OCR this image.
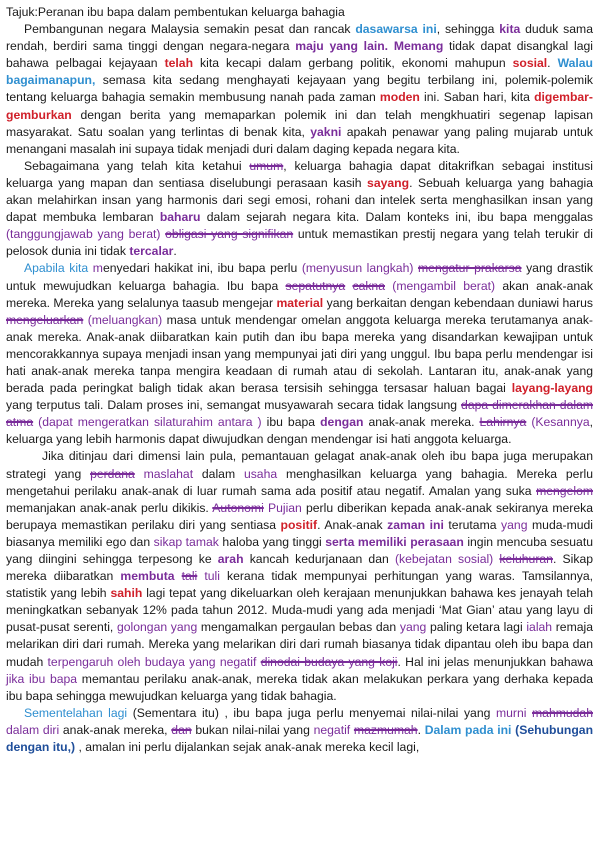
Tajuk:Peranan ibu bapa dalam pembentukan keluarga bahagia

Pembangunan negara Malaysia semakin pesat dan rancak dasawarsa ini, sehingga kita duduk sama rendah, berdiri sama tinggi dengan negara-negara maju yang lain. Memang tidak dapat disangkal lagi bahawa pelbagai kejayaan telah kita kecapi dalam gerbang politik, ekonomi mahupun sosial. Walau bagaimanapun, semasa kita sedang menghayati kejayaan yang begitu terbilang ini, polemik-polemik tentang keluarga bahagia semakin membusung nanah pada zaman moden ini. Saban hari, kita digembar-gemburkan dengan berita yang memaparkan polemik ini dan telah mengkhuatiri segenap lapisan masyarakat. Satu soalan yang terlintas di benak kita, yakni apakah penawar yang paling mujarab untuk menangani masalah ini supaya tidak menjadi duri dalam daging kepada negara kita.

Sebagaimana yang telah kita ketahui umum, keluarga bahagia dapat ditakrifkan sebagai institusi keluarga yang mapan dan sentiasa diselubungi perasaan kasih sayang. Sebuah keluarga yang bahagia akan melahirkan insan yang harmonis dari segi emosi, rohani dan intelek serta menghasilkan insan yang dapat membuka lembaran baharu dalam sejarah negara kita. Dalam konteks ini, ibu bapa menggalas (tanggungjawab yang berat) obligasi yang signifikan untuk memastikan prestij negara yang telah terukir di pelosok dunia ini tidak tercalar.

Apabila kita menyedari hakikat ini, ibu bapa perlu (menyusun langkah) mengatur prakarsa yang drastik untuk mewujudkan keluarga bahagia. Ibu bapa sepatutnya cakna (mengambil berat) akan anak-anak mereka. Mereka yang selalunya taasub mengejar material yang berkaitan dengan kebendaan duniawi harus mengeluarkan (meluangkan) masa untuk mendengar omelan anggota keluarga mereka terutamanya anak-anak mereka. Anak-anak diibaratkan kain putih dan ibu bapa mereka yang disandarkan kewajipan untuk mencorakkannya supaya menjadi insan yang mempunyai jati diri yang unggul. Ibu bapa perlu mendengar isi hati anak-anak mereka tanpa mengira keadaan di rumah atau di sekolah. Lantaran itu, anak-anak yang berada pada peringkat baligh tidak akan berasa tersisih sehingga tersasar haluan bagai layang-layang yang terputus tali. Dalam proses ini, semangat musyawarah secara tidak langsung dapa dimerakhan dalam atma (dapat mengeratkan silaturahim antara ) ibu bapa dengan anak-anak mereka. Lahirnya (Kesannya, keluarga yang lebih harmonis dapat diwujudkan dengan mendengar isi hati anggota keluarga.

Jika ditinjau dari dimensi lain pula, pemantauan gelagat anak-anak oleh ibu bapa juga merupakan strategi yang perdana maslahat dalam usaha menghasilkan keluarga yang bahagia. Mereka perlu mengetahui perilaku anak-anak di luar rumah sama ada positif atau negatif. Amalan yang suka mengelom memanjakan anak-anak perlu dikikis. Autonomi Pujian perlu diberikan kepada anak-anak sekiranya mereka berupaya memastikan perilaku diri yang sentiasa positif. Anak-anak zaman ini terutama yang muda-mudi biasanya memiliki ego dan sikap tamak haloba yang tinggi serta memiliki perasaan ingin mencuba sesuatu yang diingini sehingga terpesong ke arah kancah kedurjanaan dan (kebejatan sosial) keluhuran. Sikap mereka diibaratkan membuta tali tuli kerana tidak mempunyai perhitungan yang waras. Tamsilannya, statistik yang lebih sahih lagi tepat yang dikeluarkan oleh kerajaan menunjukkan bahawa kes jenayah telah meningkatkan sebanyak 12% pada tahun 2012. Muda-mudi yang ada menjadi ‘Mat Gian’ atau yang layu di pusat-pusat serenti, golongan yang mengamalkan pergaulan bebas dan yang paling ketara lagi ialah remaja melarikan diri dari rumah. Mereka yang melarikan diri dari rumah biasanya tidak dipantau oleh ibu bapa dan mudah terpengaruh oleh budaya yang negatif dinodai budaya yang koji. Hal ini jelas menunjukkan bahawa jika ibu bapa memantau perilaku anak-anak, mereka tidak akan melakukan perkara yang derhaka kepada ibu bapa sehingga mewujudkan keluarga yang tidak bahagia.

Sementelahan lagi (Sementara itu) , ibu bapa juga perlu menyemai nilai-nilai yang murni mahmudah dalam diri anak-anak mereka, dan bukan nilai-nilai yang negatif mazmumah. Dalam pada ini (Sehubungan dengan itu,) , amalan ini perlu dijalankan sejak anak-anak mereka kecil lagi,
